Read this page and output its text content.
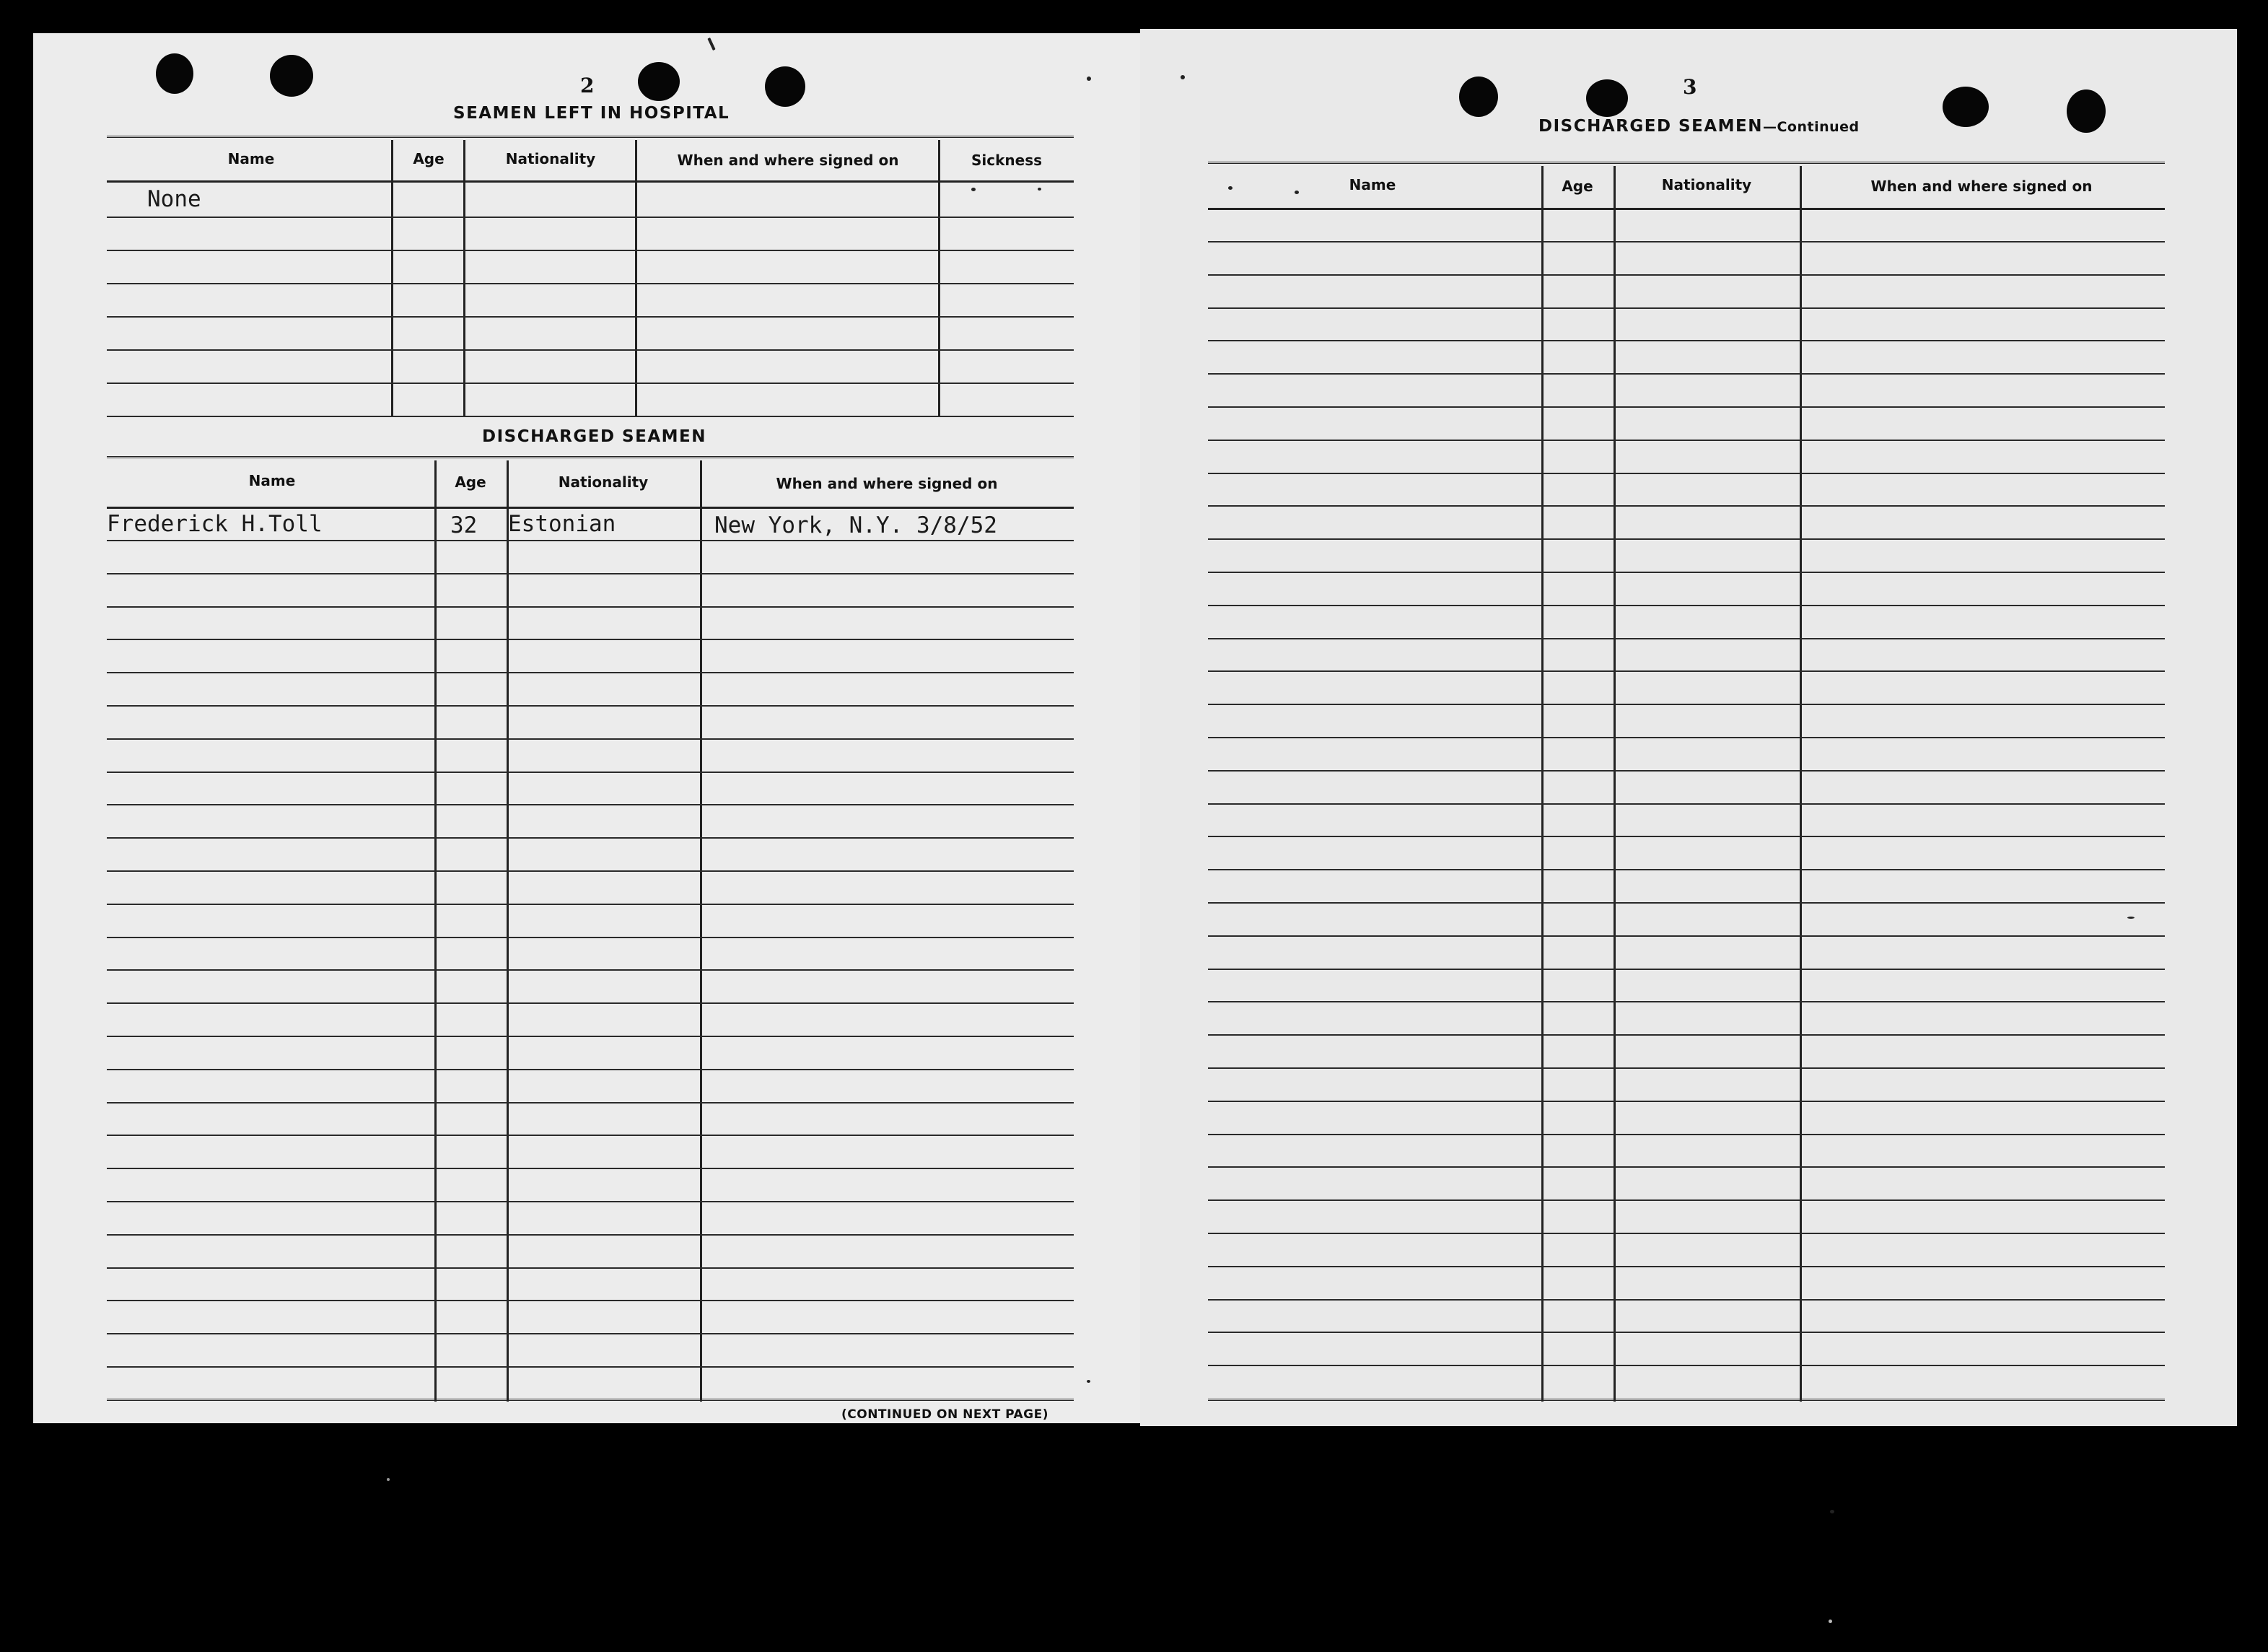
2
SEAMEN LEFT IN HOSPITAL
Name	Age	Nationality	When and where signed on	Sickness
None
DISCHARGED SEAMEN
Name	Age	Nationality	When and where signed on
Frederick H.Toll	32 Estonian	New York, N.Y. 3/8/52
(CONTINUED ON NEXT PAGE)
3
DISCHARGED SEAMEN—Continued
Name	Age	Nationality	When and where signed on
